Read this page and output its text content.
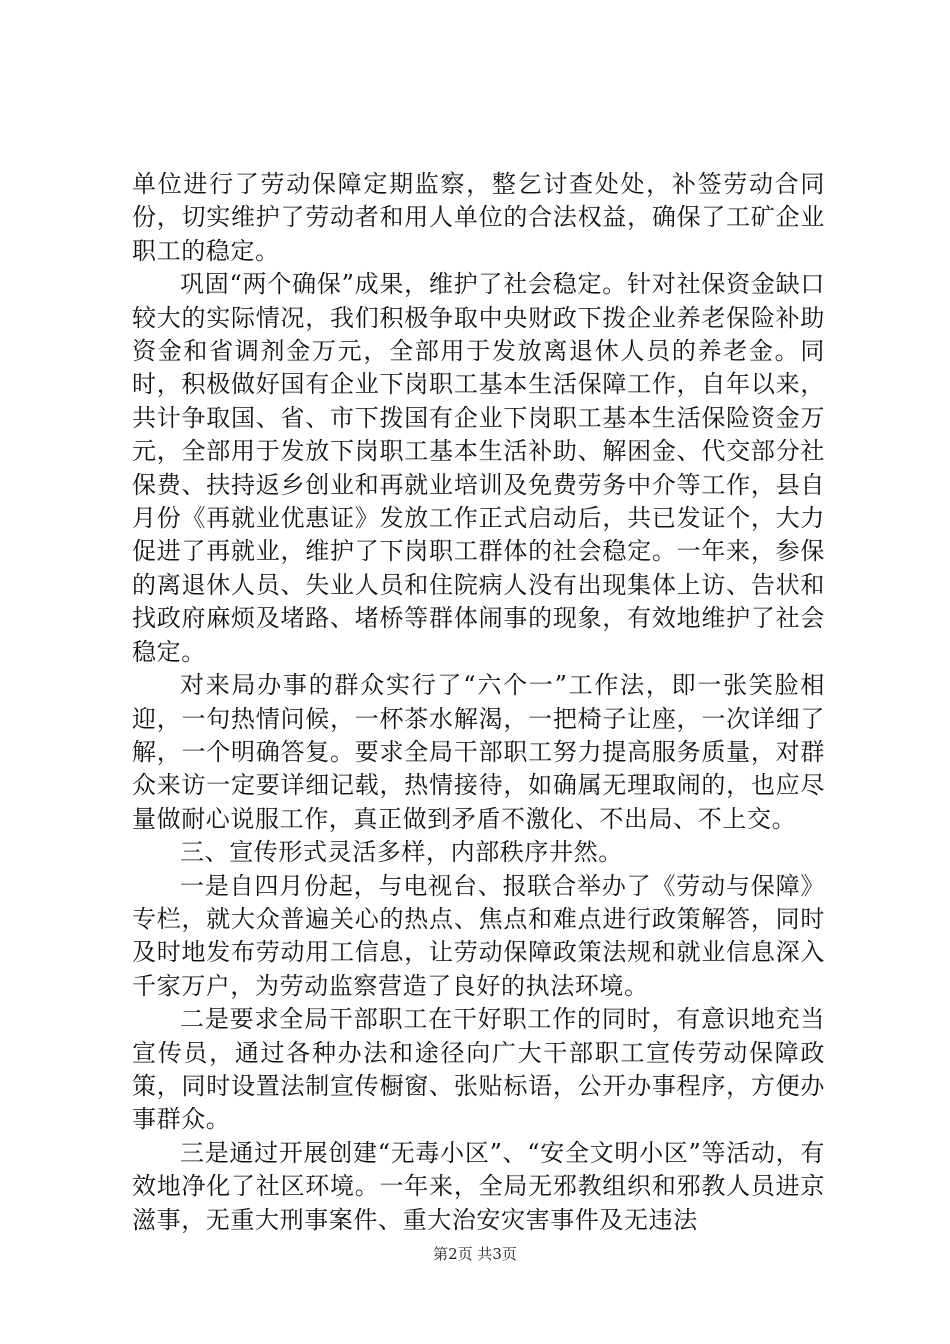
单位进行了劳动保障定期监察，整乞讨查处处，补签劳动合同份，切实维护了劳动者和用人单位的合法权益，确保了工矿企业职工的稳定。

巩固“两个确保”成果，维护了社会稳定。针对社保资金缺口较大的实际情况，我们积极争取中央财政下拨企业养老保险补助资金和省调剂金万元，全部用于发放离退休人员的养老金。同时，积极做好国有企业下岗职工基本生活保障工作，自年以来，共计争取国、省、市下拨国有企业下岗职工基本生活保险资金万元，全部用于发放下岗职工基本生活补助、解困金、代交部分社保费、扶持返乡创业和再就业培训及免费劳务中介等工作，县自月份《再就业优惠证》发放工作正式启动后，共已发证个，大力促进了再就业，维护了下岗职工群体的社会稳定。一年来，参保的离退休人员、失业人员和住院病人没有出现集体上访、告状和找政府麻烦及堵路、堵桥等群体闹事的现象，有效地维护了社会稳定。

对来局办事的群众实行了“六个一”工作法，即一张笑脸相迎，一句热情问候，一杯茶水解渴，一把椅子让座，一次详细了解，一个明确答复。要求全局干部职工努力提高服务质量，对群众来访一定要详细记载，热情接待，如确属无理取闹的，也应尽量做耐心说服工作，真正做到矛盾不激化、不出局、不上交。

三、宣传形式灵活多样，内部秩序井然。

一是自四月份起，与电视台、报联合举办了《劳动与保障》专栏，就大众普遍关心的热点、焦点和难点进行政策解答，同时及时地发布劳动用工信息，让劳动保障政策法规和就业信息深入千家万户，为劳动监察营造了良好的执法环境。

二是要求全局干部职工在干好职工作的同时，有意识地充当宣传员，通过各种办法和途径向广大干部职工宣传劳动保障政策，同时设置法制宣传橱窗、张贴标语，公开办事程序，方便办事群众。

三是通过开展创建“无毒小区”、“安全文明小区”等活动，有效地净化了社区环境。一年来，全局无邪教组织和邪教人员进京滋事，无重大刑事案件、重大治安灾害事件及无违法

第2页 共3页
